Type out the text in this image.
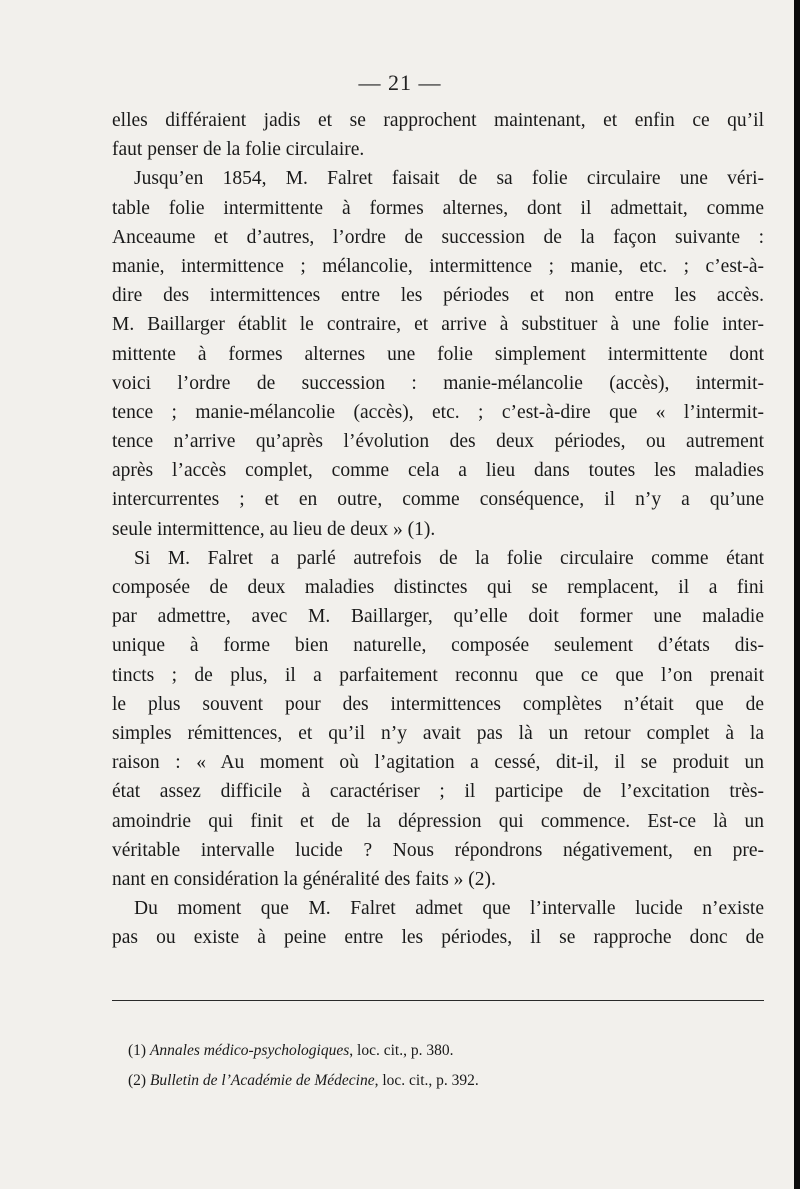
— 21 —
elles différaient jadis et se rapprochent maintenant, et enfin ce qu’il
faut penser de la folie circulaire.
Jusqu’en 1854, M. Falret faisait de sa folie circulaire une véri-
table folie intermittente à formes alternes, dont il admettait, comme
Anceaume et d’autres, l’ordre de succession de la façon suivante :
manie, intermittence ; mélancolie, intermittence ; manie, etc. ; c’est-à-
dire des intermittences entre les périodes et non entre les accès.
M. Baillarger établit le contraire, et arrive à substituer à une folie inter-
mittente à formes alternes une folie simplement intermittente dont
voici l’ordre de succession : manie-mélancolie (accès), intermit-
tence ; manie-mélancolie (accès), etc. ; c’est-à-dire que « l’intermit-
tence n’arrive qu’après l’évolution des deux périodes, ou autrement
après l’accès complet, comme cela a lieu dans toutes les maladies
intercurrentes ; et en outre, comme conséquence, il n’y a qu’une
seule intermittence, au lieu de deux » (1).
Si M. Falret a parlé autrefois de la folie circulaire comme étant
composée de deux maladies distinctes qui se remplacent, il a fini
par admettre, avec M. Baillarger, qu’elle doit former une maladie
unique à forme bien naturelle, composée seulement d’états dis-
tincts ; de plus, il a parfaitement reconnu que ce que l’on prenait
le plus souvent pour des intermittences complètes n’était que de
simples rémittences, et qu’il n’y avait pas là un retour complet à la
raison : « Au moment où l’agitation a cessé, dit-il, il se produit un
état assez difficile à caractériser ; il participe de l’excitation très-
amoindrie qui finit et de la dépression qui commence. Est-ce là un
véritable intervalle lucide ? Nous répondrons négativement, en pre-
nant en considération la généralité des faits » (2).
Du moment que M. Falret admet que l’intervalle lucide n’existe
pas ou existe à peine entre les périodes, il se rapproche donc de
(1) Annales médico-psychologiques, loc. cit., p. 380.
(2) Bulletin de l’Académie de Médecine, loc. cit., p. 392.
